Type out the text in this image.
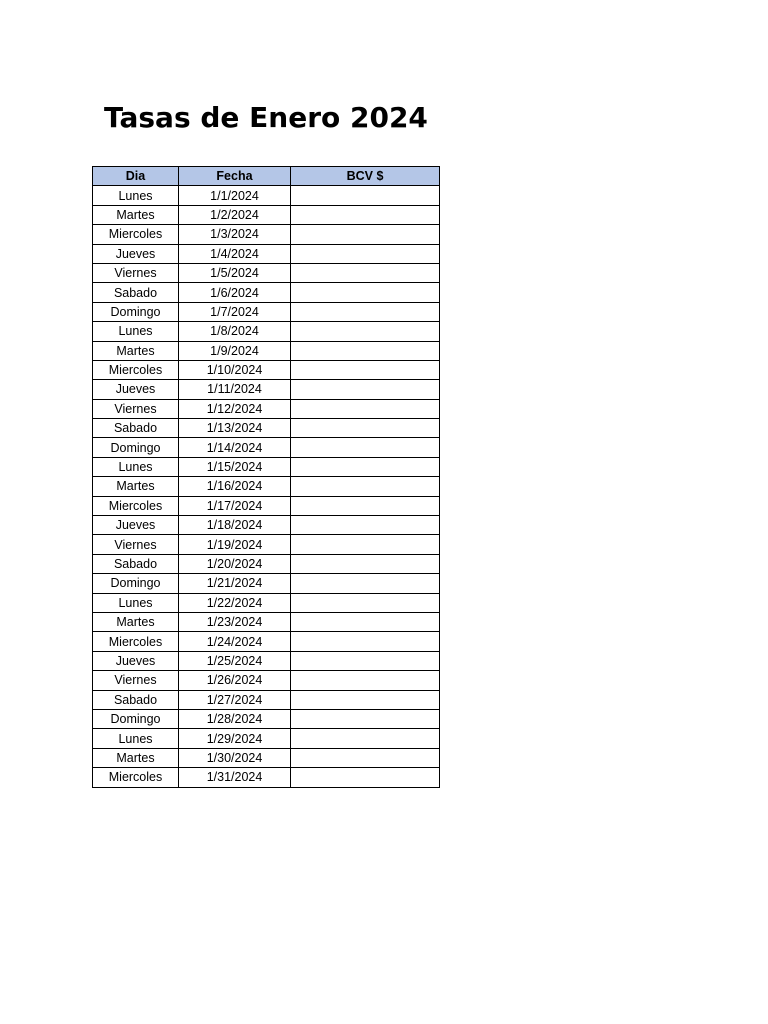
Tasas de Enero 2024
Dia	Fecha	BCV $
Lunes	1/1/2024	
Martes	1/2/2024	
Miercoles	1/3/2024	
Jueves	1/4/2024	
Viernes	1/5/2024	
Sabado	1/6/2024	
Domingo	1/7/2024	
Lunes	1/8/2024	
Martes	1/9/2024	
Miercoles	1/10/2024	
Jueves	1/11/2024	
Viernes	1/12/2024	
Sabado	1/13/2024	
Domingo	1/14/2024	
Lunes	1/15/2024	
Martes	1/16/2024	
Miercoles	1/17/2024	
Jueves	1/18/2024	
Viernes	1/19/2024	
Sabado	1/20/2024	
Domingo	1/21/2024	
Lunes	1/22/2024	
Martes	1/23/2024	
Miercoles	1/24/2024	
Jueves	1/25/2024	
Viernes	1/26/2024	
Sabado	1/27/2024	
Domingo	1/28/2024	
Lunes	1/29/2024	
Martes	1/30/2024	
Miercoles	1/31/2024	
